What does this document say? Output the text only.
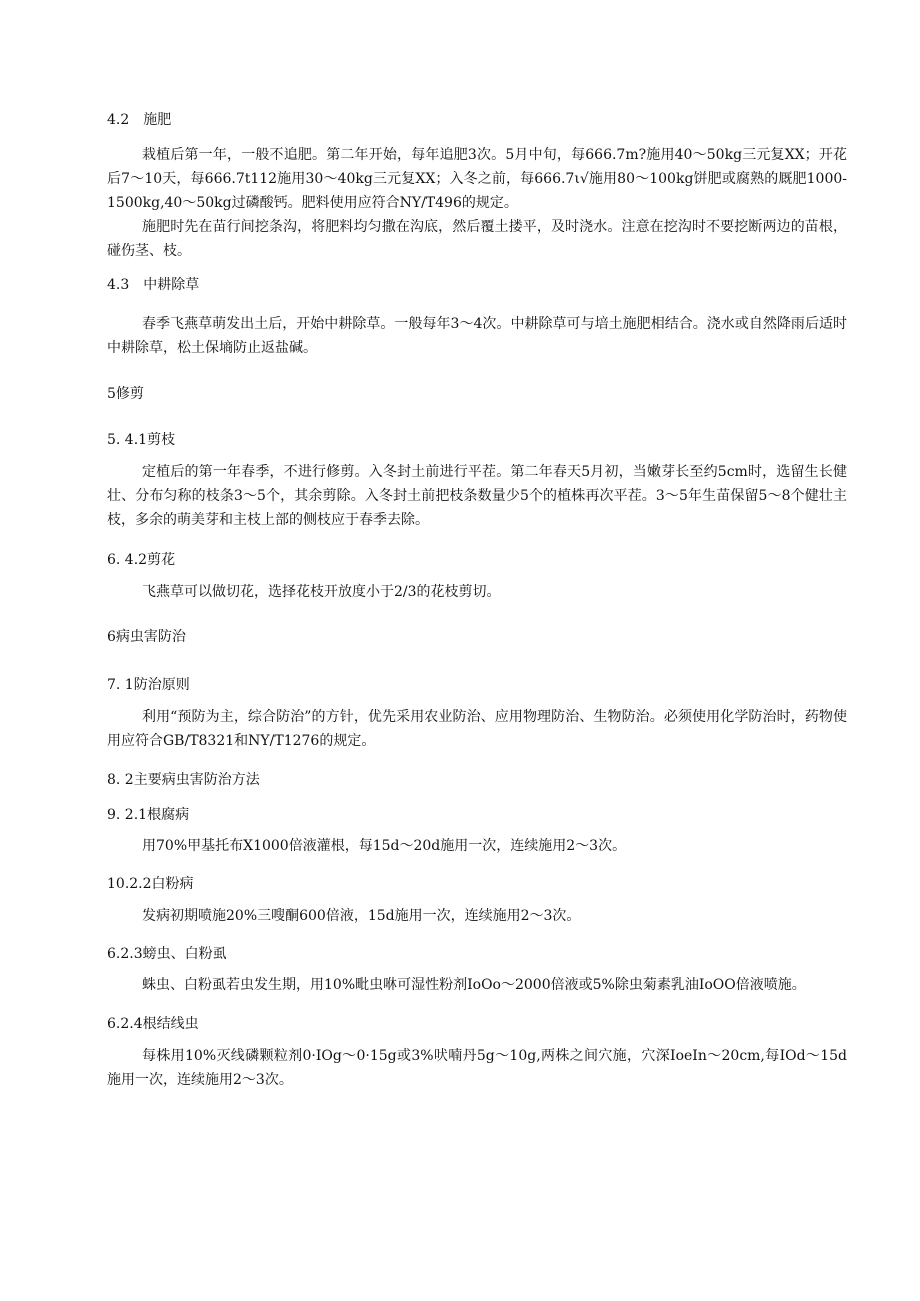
4.2　施肥

栽植后第一年，一般不追肥。第二年开始，每年追肥3次。5月中旬，每666.7m?施用40～50kg三元复XX；开花后7～10天，每666.7t112施用30～40kg三元复XX；入冬之前，每666.7ι√施用80～100kg饼肥或腐熟的厩肥1000-1500kg,40～50kg过磷酸钙。肥料使用应符合NY/T496的规定。

施肥时先在苗行间挖条沟，将肥料均匀撒在沟底，然后覆土搂平，及时浇水。注意在挖沟时不要挖断两边的苗根，碰伤茎、枝。

4.3　中耕除草

春季飞燕草萌发出土后，开始中耕除草。一般每年3～4次。中耕除草可与培土施肥相结合。浇水或自然降雨后适时中耕除草，松土保墒防止返盐碱。

5修剪
5. 4.1剪枝

定植后的第一年春季，不进行修剪。入冬封土前进行平茬。第二年春天5月初，当嫩芽长至约5cm时，选留生长健壮、分布匀称的枝条3～5个，其余剪除。入冬封土前把枝条数量少5个的植株再次平茬。3～5年生苗保留5～8个健壮主枝，多余的萌美芽和主枝上部的侧枝应于春季去除。

6. 4.2剪花

飞燕草可以做切花，选择花枝开放度小于2/3的花枝剪切。

6病虫害防治
7. 1防治原则

利用“预防为主，综合防治”的方针，优先采用农业防治、应用物理防治、生物防治。必须使用化学防治时，药物使用应符合GB/T8321和NY/T1276的规定。

8. 2主要病虫害防治方法
9. 2.1根腐病

用70%甲基托布X1000倍液灌根，每15d～20d施用一次，连续施用2～3次。

10.2.2白粉病

发病初期喷施20%三嗖酮600倍液，15d施用一次，连续施用2～3次。

6.2.3螃虫、白粉虱

蛛虫、白粉虱若虫发生期，用10%毗虫咻可湿性粉剂IoOo～2000倍液或5%除虫菊素乳油IoOO倍液喷施。

6.2.4根结线虫

每株用10%灭线磷颗粒剂0·IOg～0·15g或3%吠喃丹5g～10g,两株之间穴施，穴深IoeIn～20cm,每IOd～15d施用一次，连续施用2～3次。
